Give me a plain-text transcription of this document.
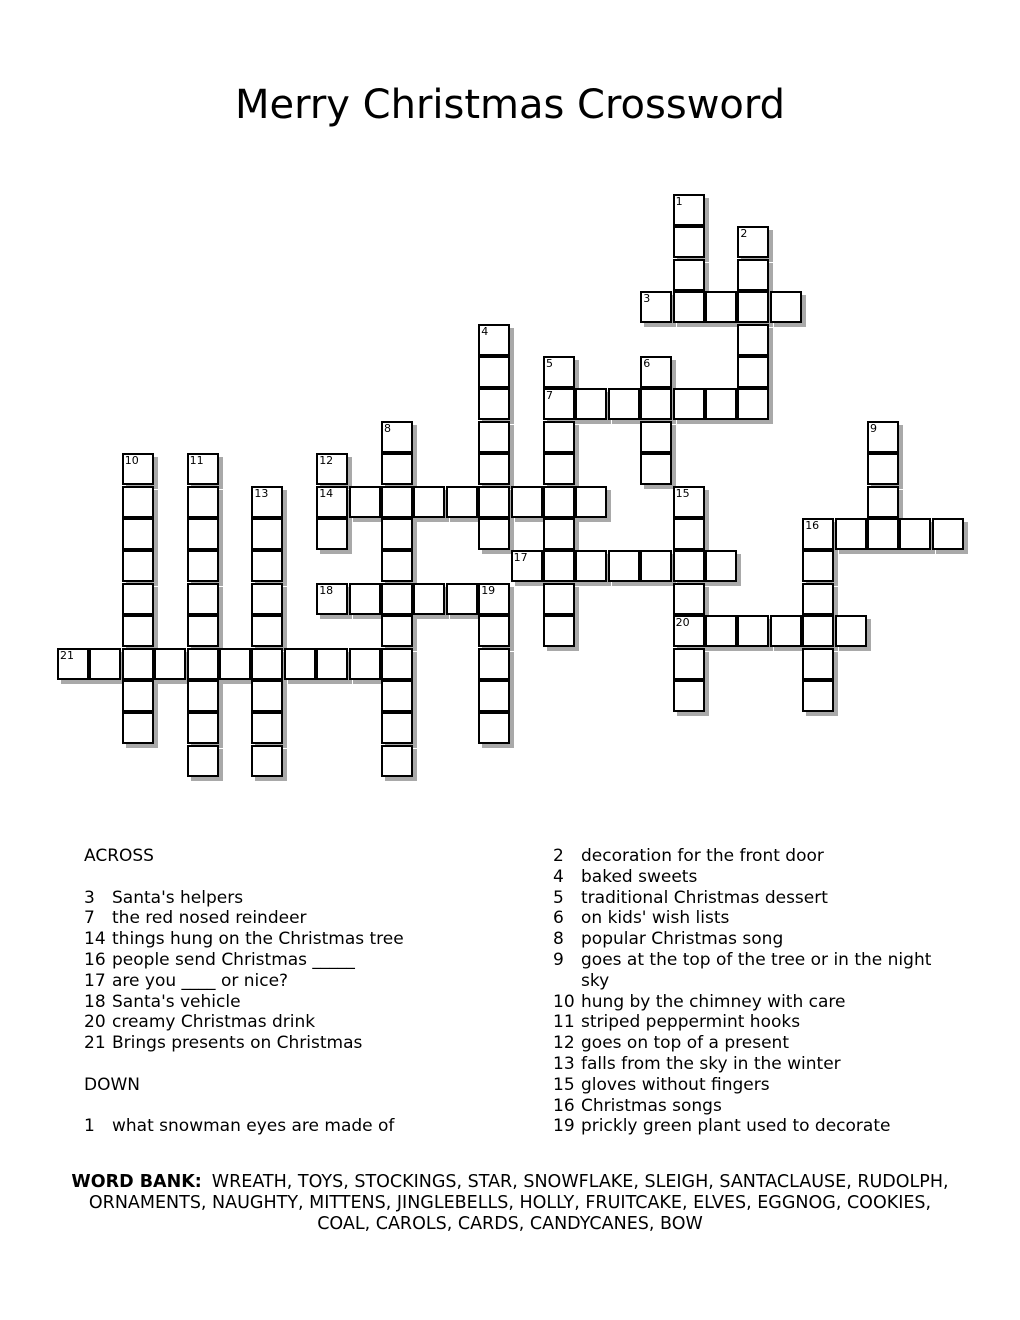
Merry Christmas Crossword
1
2
3
4
5	6
7
8	9
10	11	12
13	14	15
16
17
18	19
20
21
ACROSS
3	Santa's helpers
7	the red nosed reindeer
14 things hung on the Christmas tree
16 people send Christmas _____
17 are you ____ or nice?
18 Santa's vehicle
20 creamy Christmas drink
21 Brings presents on Christmas
DOWN
1	what snowman eyes are made of
2	decoration for the front door
4	baked sweets
5	traditional Christmas dessert
6	on kids' wish lists
8	popular Christmas song
9	goes at the top of the tree or in the night sky
10 hung by the chimney with care
11 striped peppermint hooks
12 goes on top of a present
13 falls from the sky in the winter
15 gloves without fingers
16 Christmas songs
19 prickly green plant used to decorate
WORD BANK: WREATH, TOYS, STOCKINGS, STAR, SNOWFLAKE, SLEIGH, SANTACLAUSE, RUDOLPH, ORNAMENTS, NAUGHTY, MITTENS, JINGLEBELLS, HOLLY, FRUITCAKE, ELVES, EGGNOG, COOKIES, COAL, CAROLS, CARDS, CANDYCANES, BOW
